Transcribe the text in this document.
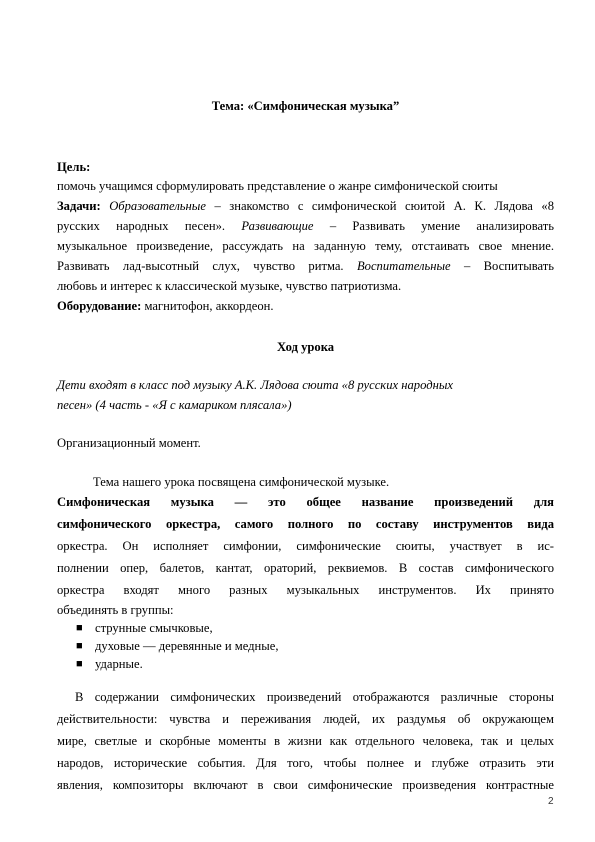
Тема: «Симфоническая музыка”
Цель:
помочь учащимся сформулировать представление о жанре симфонической сюиты
Задачи: Образовательные – знакомство с симфонической сюитой А. К. Лядова «8
русских народных песен». Развивающие – Развивать умение анализировать
музыкальное произведение, рассуждать на заданную тему, отстаивать свое мнение.
Развивать лад-высотный слух, чувство ритма. Воспитательные – Воспитывать
любовь и интерес к классической музыке, чувство патриотизма.
Оборудование: магнитофон, аккордеон.
Ход урока
Дети входят в класс под музыку А.К. Лядова сюита «8 русских народных
песен» (4 часть - «Я с камариком плясала»)
Организационный момент.
Тема нашего урока посвящена симфонической музыке.
Симфоническая музыка — это общее название произведений для
симфонического оркестра, самого полного по составу инструментов вида
оркестра. Он исполняет симфонии, симфонические сюиты, участвует в ис-
полнении опер, балетов, кантат, ораторий, реквиемов. В состав симфонического
оркестра входят много разных музыкальных инструментов. Их принято
объединять в группы:
■ струнные смычковые,
■ духовые — деревянные и медные,
■ ударные.
В содержании симфонических произведений отображаются различные стороны
действительности: чувства и переживания людей, их раздумья об окружающем
мире, светлые и скорбные моменты в жизни как отдельного человека, так и целых
народов, исторические события. Для того, чтобы полнее и глубже отразить эти
явления, композиторы включают в свои симфонические произведения контрастные
2
